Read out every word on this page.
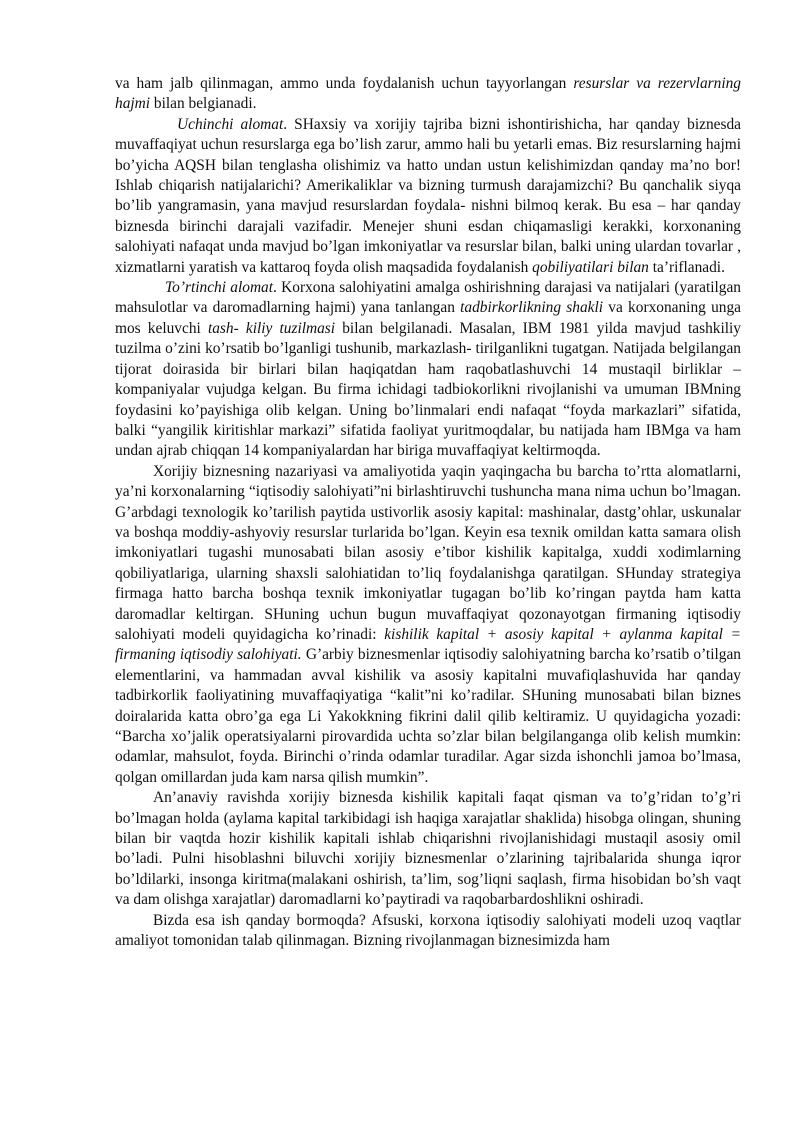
va ham jalb qilinmagan, ammo unda foydalanish uchun tayyorlangan resurslar va rezervlarning hajmi bilan belgianadi.

Uchinchi alomat. SHaxsiy va xorijiy tajriba bizni ishontirishicha, har qanday biznesda muvaffaqiyat uchun resurslarga ega bo’lish zarur, ammo hali bu yetarli emas. Biz resurslarning hajmi bo’yicha AQSH bilan tenglasha olishimiz va hatto undan ustun kelishimizdan qanday ma’no bor! Ishlab chiqarish natijalarichi? Amerikaliklar va bizning turmush darajamizchi? Bu qanchalik siyqa bo’lib yangramasin, yana mavjud resurslardan foydala- nishni bilmoq kerak. Bu esa – har qanday biznesda birinchi darajali vazifadir. Menejer shuni esdan chiqamasligi kerakki, korxonaning salohiyati nafaqat unda mavjud bo’lgan imkoniyatlar va resurslar bilan, balki uning ulardan tovarlar , xizmatlarni yaratish va kattaroq foyda olish maqsadida foydalanish qobiliyatilari bilan ta’riflanadi.

To’rtinchi alomat. Korxona salohiyatini amalga oshirishning darajasi va natijalari (yaratilgan mahsulotlar va daromadlarning hajmi) yana tanlangan tadbirkorlikning shakli va korxonaning unga mos keluvchi tash- kiliy tuzilmasi bilan belgilanadi. Masalan, IBM 1981 yilda mavjud tashkiliy tuzilma o’zini ko’rsatib bo’lganligi tushunib, markazlash- tirilganlikni tugatgan. Natijada belgilangan tijorat doirasida bir birlari bilan haqiqatdan ham raqobatlashuvchi 14 mustaqil birliklar – kompaniyalar vujudga kelgan. Bu firma ichidagi tadbiokorlikni rivojlanishi va umuman IBMning foydasini ko’payishiga olib kelgan. Uning bo’linmalari endi nafaqat “foyda markazlari” sifatida, balki “yangilik kiritishlar markazi” sifatida faoliyat yuritmoqdalar, bu natijada ham IBMga va ham undan ajrab chiqqan 14 kompaniyalardan har biriga muvaffaqiyat keltirmoqda.

Xorijiy biznesning nazariyasi va amaliyotida yaqin yaqingacha bu barcha to’rtta alomatlarni, ya’ni korxonalarning “iqtisodiy salohiyati”ni birlashtiruvchi tushuncha mana nima uchun bo’lmagan. G’arbdagi texnologik ko’tarilish paytida ustivorlik asosiy kapital: mashinalar, dastg’ohlar, uskunalar va boshqa moddiy-ashyoviy resurslar turlarida bo’lgan. Keyin esa texnik omildan katta samara olish imkoniyatlari tugashi munosabati bilan asosiy e’tibor kishilik kapitalga, xuddi xodimlarning qobiliyatlariga, ularning shaxsli salohiatidan to’liq foydalanishga qaratilgan. SHunday strategiya firmaga hatto barcha boshqa texnik imkoniyatlar tugagan bo’lib ko’ringan paytda ham katta daromadlar keltirgan. SHuning uchun bugun muvaffaqiyat qozonayotgan firmaning iqtisodiy salohiyati modeli quyidagicha ko’rinadi: kishilik kapital + asosiy kapital + aylanma kapital = firmaning iqtisodiy salohiyati. G’arbiy biznesmenlar iqtisodiy salohiyatning barcha ko’rsatib o’tilgan elementlarini, va hammadan avval kishilik va asosiy kapitalni muvafiqlashuvida har qanday tadbirkorlik faoliyatining muvaffaqiyatiga “kalit”ni ko’radilar. SHuning munosabati bilan biznes doiralarida katta obro’ga ega Li Yakokkning fikrini dalil qilib keltiramiz. U quyidagicha yozadi: “Barcha xo’jalik operatsiyalarni pirovardida uchta so’zlar bilan belgilanganga olib kelish mumkin: odamlar, mahsulot, foyda. Birinchi o’rinda odamlar turadilar. Agar sizda ishonchli jamoa bo’lmasa, qolgan omillardan juda kam narsa qilish mumkin”.

An’anaviy ravishda xorijiy biznesda kishilik kapitali faqat qisman va to’g’ridan to’g’ri bo’lmagan holda (aylama kapital tarkibidagi ish haqiga xarajatlar shaklida) hisobga olingan, shuning bilan bir vaqtda hozir kishilik kapitali ishlab chiqarishni rivojlanishidagi mustaqil asosiy omil bo’ladi. Pulni hisoblashni biluvchi xorijiy biznesmenlar o’zlarining tajribalarida shunga iqror bo’ldilarki, insonga kiritma(malakani oshirish, ta’lim, sog’liqni saqlash, firma hisobidan bo’sh vaqt va dam olishga xarajatlar) daromadlarni ko’paytiradi va raqobarbardoshlikni oshiradi.

Bizda esa ish qanday bormoqda? Afsuski, korxona iqtisodiy salohiyati modeli uzoq vaqtlar amaliyot tomonidan talab qilinmagan. Bizning rivojlanmagan biznesimizda ham
